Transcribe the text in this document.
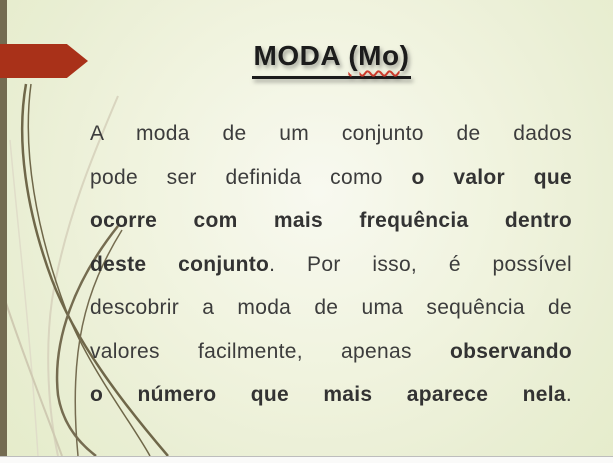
MODA (Mo)
A moda de um conjunto de dados
pode ser definida como o valor que
ocorre com mais frequência dentro
deste conjunto. Por isso, é possível
descobrir a moda de uma sequência de
valores facilmente, apenas observando
o número que mais aparece nela.
